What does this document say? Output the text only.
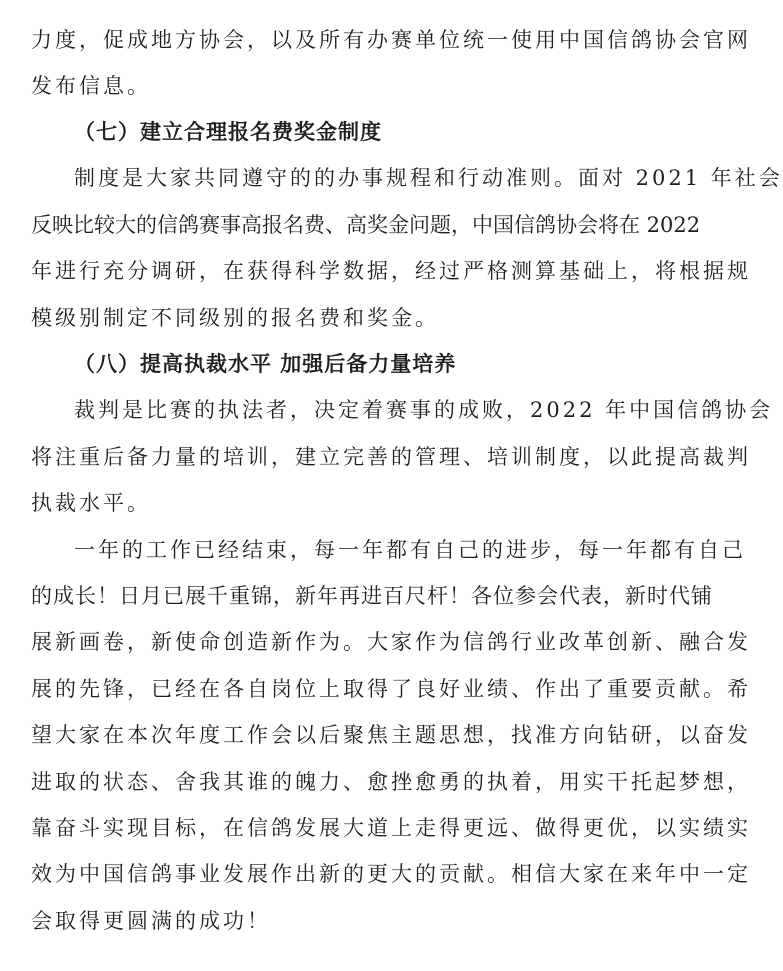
力度，促成地方协会，以及所有办赛单位统一使用中国信鸽协会官网
发布信息。
（七）建立合理报名费奖金制度
制度是大家共同遵守的的办事规程和行动准则。面对 2021 年社会
反映比较大的信鸽赛事高报名费、高奖金问题，中国信鸽协会将在 2022
年进行充分调研，在获得科学数据，经过严格测算基础上，将根据规
模级别制定不同级别的报名费和奖金。
（八）提高执裁水平 加强后备力量培养
裁判是比赛的执法者，决定着赛事的成败，2022 年中国信鸽协会
将注重后备力量的培训，建立完善的管理、培训制度，以此提高裁判
执裁水平。
一年的工作已经结束，每一年都有自己的进步，每一年都有自己
的成长！日月已展千重锦，新年再进百尺杆！各位参会代表，新时代铺
展新画卷，新使命创造新作为。大家作为信鸽行业改革创新、融合发
展的先锋，已经在各自岗位上取得了良好业绩、作出了重要贡献。希
望大家在本次年度工作会以后聚焦主题思想，找准方向钻研，以奋发
进取的状态、舍我其谁的魄力、愈挫愈勇的执着，用实干托起梦想，
靠奋斗实现目标，在信鸽发展大道上走得更远、做得更优，以实绩实
效为中国信鸽事业发展作出新的更大的贡献。相信大家在来年中一定
会取得更圆满的成功！
